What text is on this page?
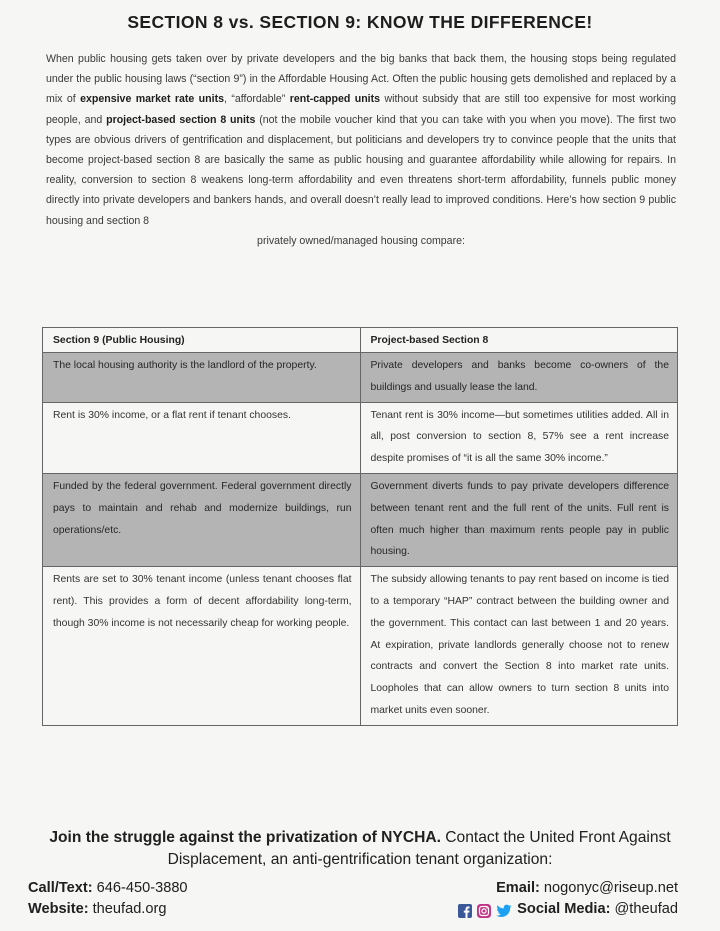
SECTION 8 vs. SECTION 9: KNOW THE DIFFERENCE!
When public housing gets taken over by private developers and the big banks that back them, the housing stops being regulated under the public housing laws (“section 9”) in the Affordable Housing Act. Often the public housing gets demolished and replaced by a mix of expensive market rate units, “affordable” rent-capped units without subsidy that are still too expensive for most working people, and project-based section 8 units (not the mobile voucher kind that you can take with you when you move). The first two types are obvious drivers of gentrification and displacement, but politicians and developers try to convince people that the units that become project-based section 8 are basically the same as public housing and guarantee affordability while allowing for repairs. In reality, conversion to section 8 weakens long-term affordability and even threatens short-term affordability, funnels public money directly into private developers and bankers hands, and overall doesn’t really lead to improved conditions. Here’s how section 9 public housing and section 8
privately owned/managed housing compare:
Section 9 (Public Housing)	Project-based Section 8
The local housing authority is the landlord of the property.	Private developers and banks become co-owners of the buildings and usually lease the land.
Rent is 30% income, or a flat rent if tenant chooses.	Tenant rent is 30% income—but sometimes utilities added. All in all, post conversion to section 8, 57% see a rent increase despite promises of “it is all the same 30% income.”
Funded by the federal government. Federal government directly pays to maintain and rehab and modernize buildings, run operations/etc.	Government diverts funds to pay private developers difference between tenant rent and the full rent of the units. Full rent is often much higher than maximum rents people pay in public housing.
Rents are set to 30% tenant income (unless tenant chooses flat rent). This provides a form of decent affordability long-term, though 30% income is not necessarily cheap for working people.	The subsidy allowing tenants to pay rent based on income is tied to a temporary “HAP” contract between the building owner and the government. This contact can last between 1 and 20 years. At expiration, private landlords generally choose not to renew contracts and convert the Section 8 into market rate units. Loopholes that can allow owners to turn section 8 units into market units even sooner.
Join the struggle against the privatization of NYCHA. Contact the United Front Against
Displacement, an anti-gentrification tenant organization:
Call/Text: 646-450-3880
Website: theufad.org
Email: nogonyc@riseup.net
Social Media: @theufad
